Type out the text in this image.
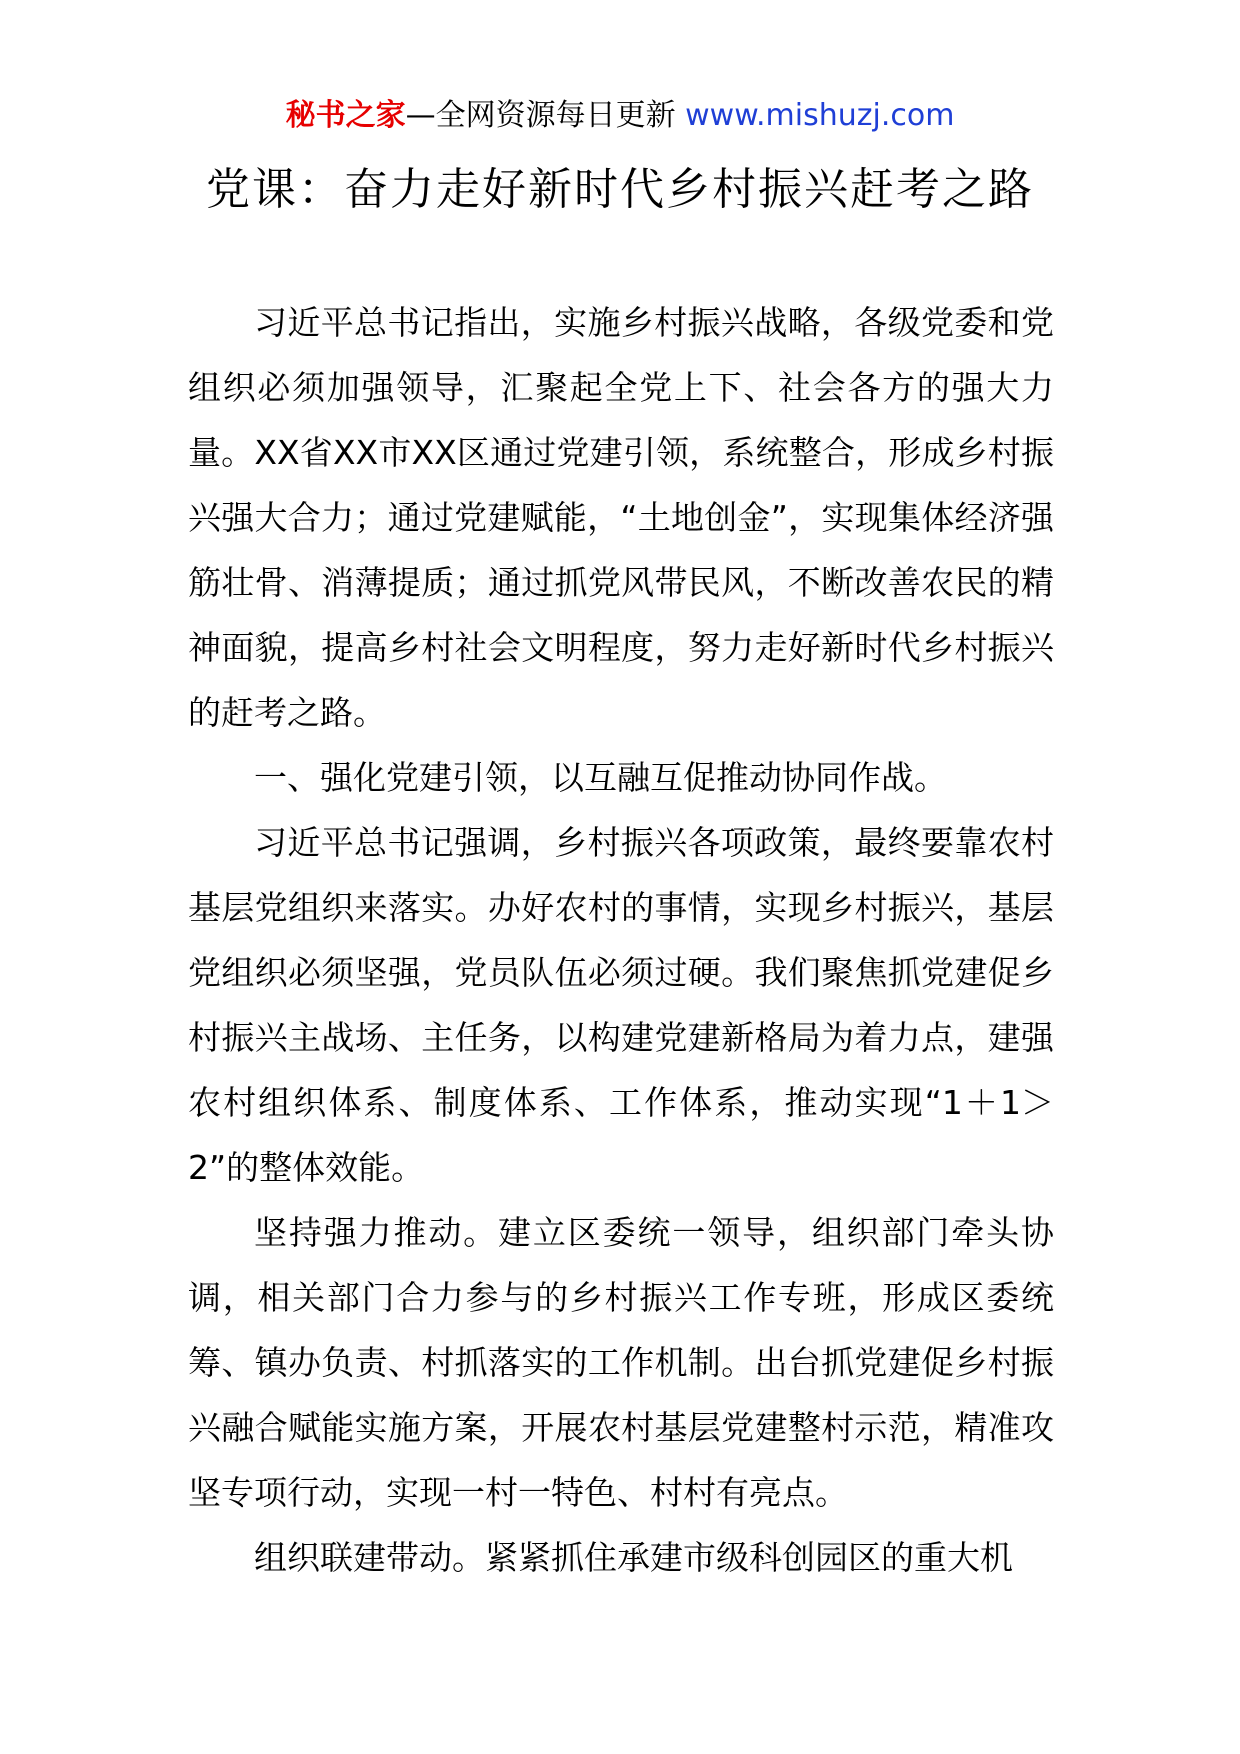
秘书之家—全网资源每日更新 www.mishuzj.com
党课：奋力走好新时代乡村振兴赶考之路

习近平总书记指出，实施乡村振兴战略，各级党委和党组织必须加强领导，汇聚起全党上下、社会各方的强大力量。XX省XX市XX区通过党建引领，系统整合，形成乡村振兴强大合力；通过党建赋能，“土地创金”，实现集体经济强筋壮骨、消薄提质；通过抓党风带民风，不断改善农民的精神面貌，提高乡村社会文明程度，努力走好新时代乡村振兴的赶考之路。

一、强化党建引领，以互融互促推动协同作战。

习近平总书记强调，乡村振兴各项政策，最终要靠农村基层党组织来落实。办好农村的事情，实现乡村振兴，基层党组织必须坚强，党员队伍必须过硬。我们聚焦抓党建促乡村振兴主战场、主任务，以构建党建新格局为着力点，建强农村组织体系、制度体系、工作体系，推动实现“1＋1＞2”的整体效能。

坚持强力推动。建立区委统一领导，组织部门牵头协调，相关部门合力参与的乡村振兴工作专班，形成区委统筹、镇办负责、村抓落实的工作机制。出台抓党建促乡村振兴融合赋能实施方案，开展农村基层党建整村示范，精准攻坚专项行动，实现一村一特色、村村有亮点。

组织联建带动。紧紧抓住承建市级科创园区的重大机
